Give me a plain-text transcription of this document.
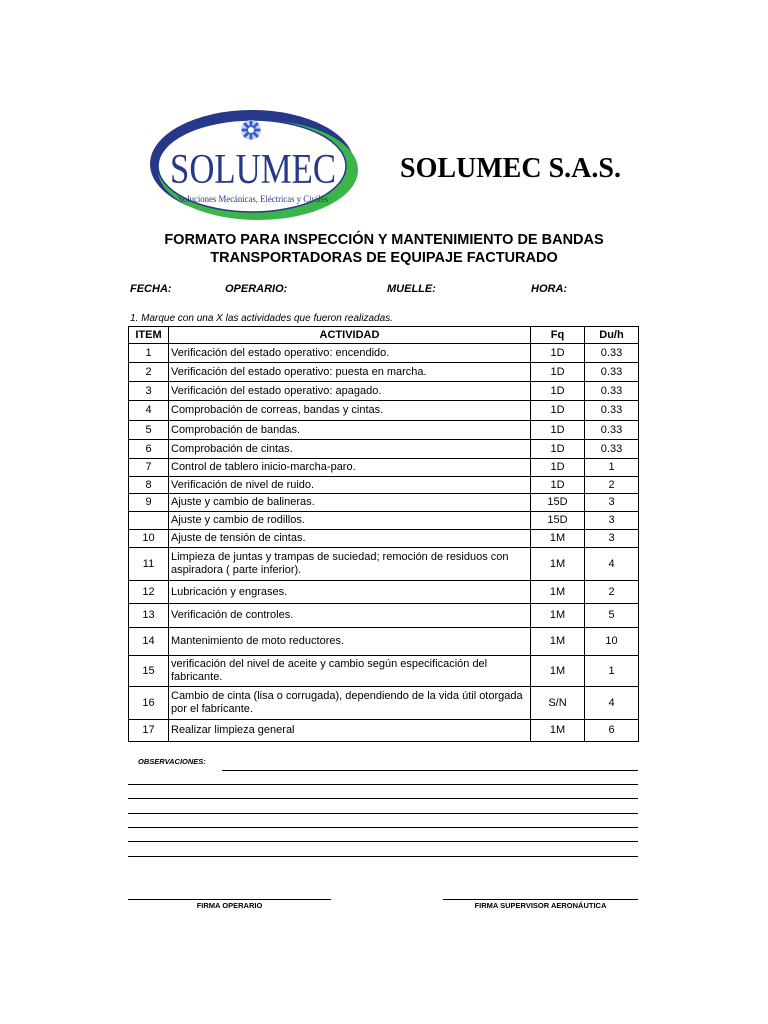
SOLUMEC
Soluciones Mecánicas, Eléctricas y Civiles
SOLUMEC S.A.S.
FORMATO PARA INSPECCIÓN Y MANTENIMIENTO DE BANDAS
TRANSPORTADORAS DE EQUIPAJE FACTURADO
FECHA:	OPERARIO:	MUELLE:	HORA:
1. Marque con una X las actividades que fueron realizadas.
ITEM	ACTIVIDAD	Fq	Du/h
1	Verificación del estado operativo: encendido.	1D	0.33
2	Verificación del estado operativo: puesta en marcha.	1D	0.33
3	Verificación del estado operativo: apagado.	1D	0.33
4	Comprobación de correas, bandas y cintas.	1D	0.33
5	Comprobación de bandas.	1D	0.33
6	Comprobación de cintas.	1D	0.33
7	Control de tablero inicio-marcha-paro.	1D	1
8	Verificación de nivel de ruido.	1D	2
9	Ajuste y cambio de balineras.	15D	3
	Ajuste y cambio de rodillos.	15D	3
10	Ajuste de tensión de cintas.	1M	3
11	Limpieza de juntas y trampas de suciedad; remoción de residuos con aspiradora ( parte inferior).	1M	4
12	Lubricación y engrases.	1M	2
13	Verificación de controles.	1M	5
14	Mantenimiento de moto reductores.	1M	10
15	verificación del nivel de aceite y cambio según especificación del fabricante.	1M	1
16	Cambio de cinta (lisa o corrugada), dependiendo de la vida útil otorgada por el fabricante.	S/N	4
17	Realizar limpieza general	1M	6
OBSERVACIONES:
FIRMA OPERARIO	FIRMA SUPERVISOR AERONÁUTICA
